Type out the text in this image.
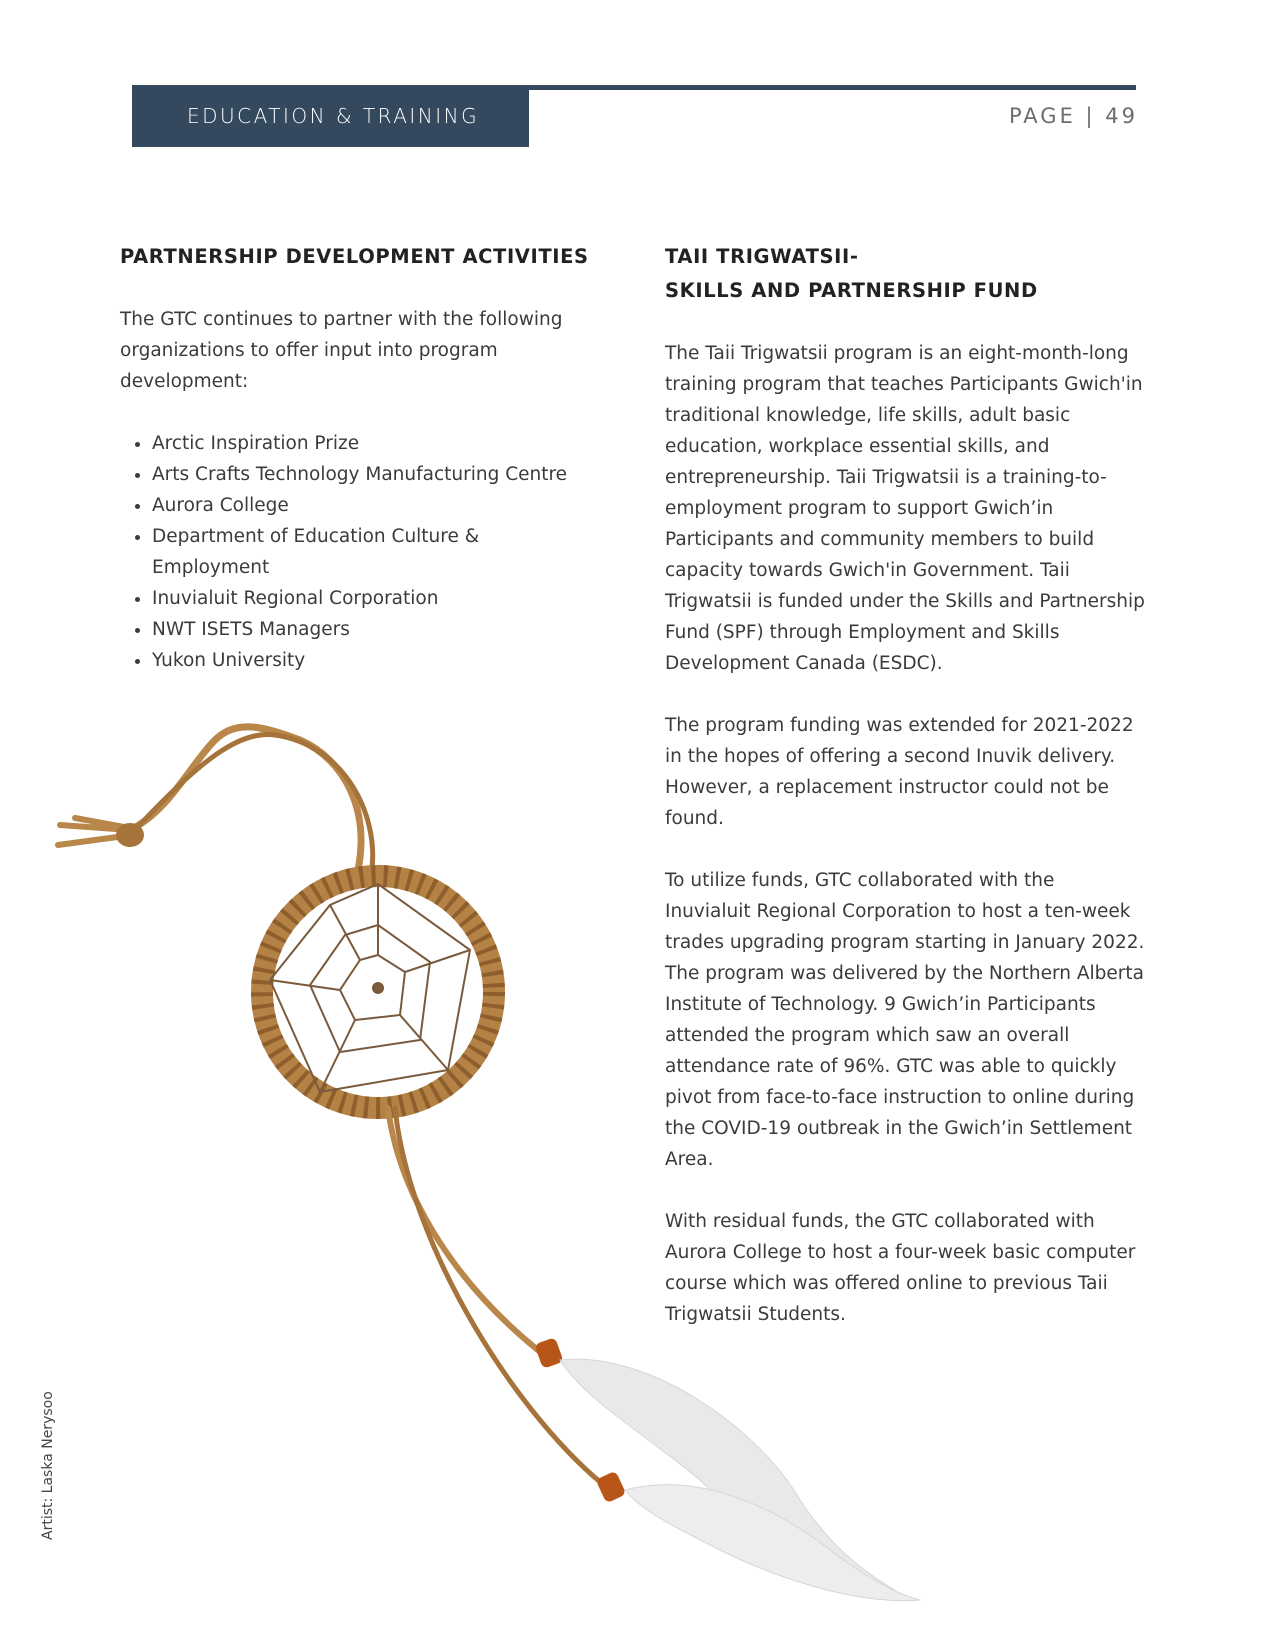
EDUCATION & TRAINING	PAGE | 49
PARTNERSHIP DEVELOPMENT ACTIVITIES

The GTC continues to partner with the following organizations to offer input into program development:

• Arctic Inspiration Prize
• Arts Crafts Technology Manufacturing Centre
• Aurora College
• Department of Education Culture & Employment
• Inuvialuit Regional Corporation
• NWT ISETS Managers
• Yukon University
TAII TRIGWATSII-
SKILLS AND PARTNERSHIP FUND

The Taii Trigwatsii program is an eight-month-long training program that teaches Participants Gwich'in traditional knowledge, life skills, adult basic education, workplace essential skills, and entrepreneurship. Taii Trigwatsii is a training-to-employment program to support Gwich’in Participants and community members to build capacity towards Gwich'in Government. Taii Trigwatsii is funded under the Skills and Partnership Fund (SPF) through Employment and Skills Development Canada (ESDC).

The program funding was extended for 2021-2022 in the hopes of offering a second Inuvik delivery. However, a replacement instructor could not be found.

To utilize funds, GTC collaborated with the Inuvialuit Regional Corporation to host a ten-week trades upgrading program starting in January 2022. The program was delivered by the Northern Alberta Institute of Technology. 9 Gwich’in Participants attended the program which saw an overall attendance rate of 96%. GTC was able to quickly pivot from face-to-face instruction to online during the COVID-19 outbreak in the Gwich’in Settlement Area.

With residual funds, the GTC collaborated with Aurora College to host a four-week basic computer course which was offered online to previous Taii Trigwatsii Students.

Artist: Laska Nerysoo
